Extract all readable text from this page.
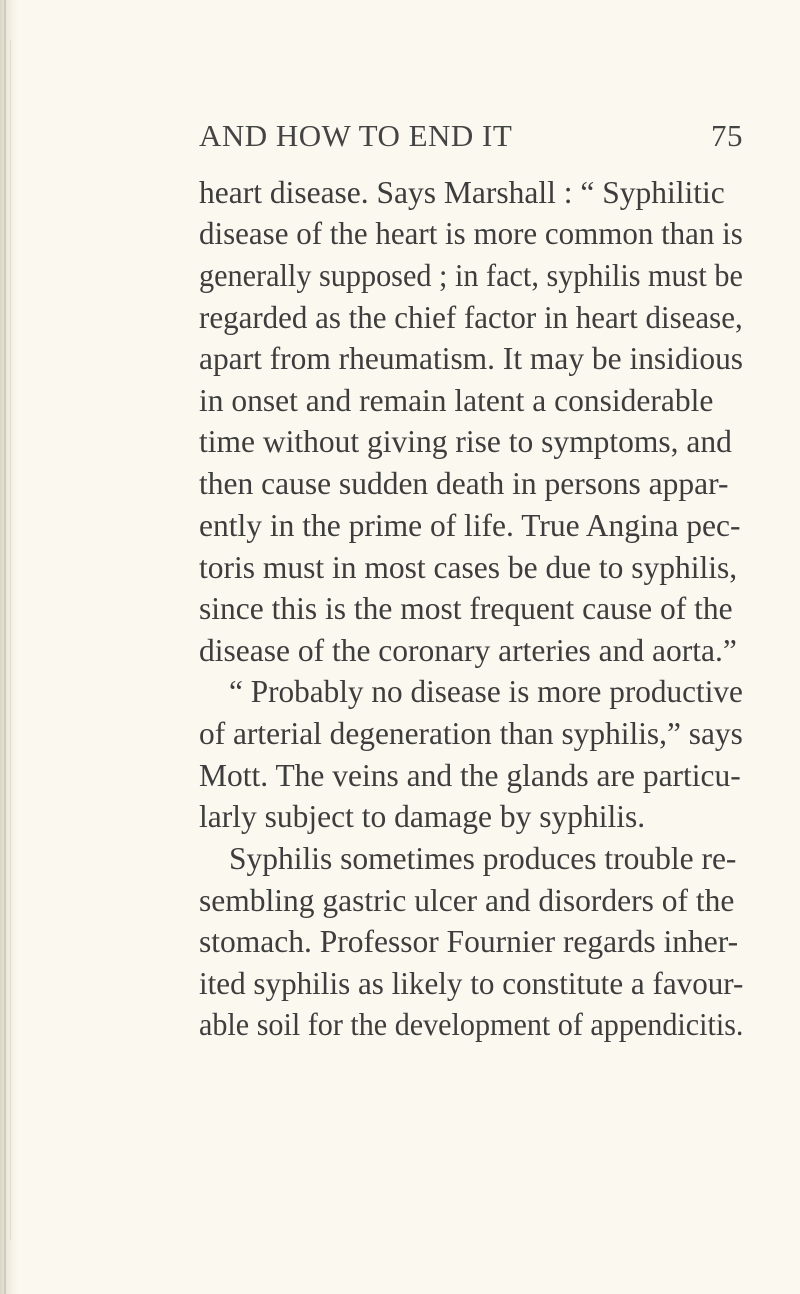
AND HOW TO END IT	75
heart disease. Says Marshall : “ Syphilitic
disease of the heart is more common than is
generally supposed ; in fact, syphilis must be
regarded as the chief factor in heart disease,
apart from rheumatism. It may be insidious
in onset and remain latent a considerable
time without giving rise to symptoms, and
then cause sudden death in persons appar-
ently in the prime of life. True Angina pec-
toris must in most cases be due to syphilis,
since this is the most frequent cause of the
disease of the coronary arteries and aorta.”
“ Probably no disease is more productive
of arterial degeneration than syphilis,” says
Mott. The veins and the glands are particu-
larly subject to damage by syphilis.
Syphilis sometimes produces trouble re-
sembling gastric ulcer and disorders of the
stomach. Professor Fournier regards inher-
ited syphilis as likely to constitute a favour-
able soil for the development of appendicitis.
